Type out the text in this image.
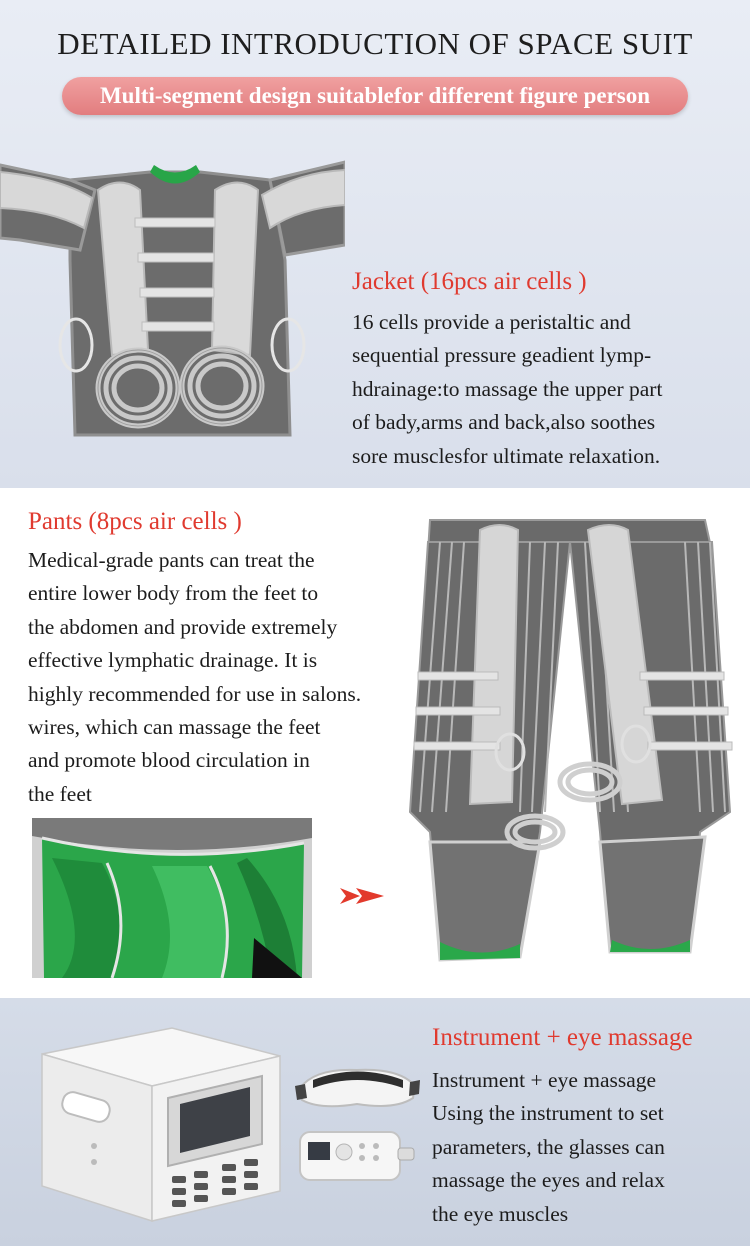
DETAILED INTRODUCTION OF SPACE SUIT
Multi-segment design suitablefor different figure person
Jacket (16pcs air cells )
16 cells provide a peristaltic and
sequential pressure geadient lymp-
hdrainage:to massage the upper part
of bady,arms and back,also soothes
sore musclesfor ultimate relaxation.
Pants (8pcs air cells )
Medical-grade pants can treat the
entire lower body from the feet to
the abdomen and provide extremely
effective lymphatic drainage. It is
highly recommended for use in salons.
wires, which can massage the feet
and promote blood circulation in
the feet
Instrument + eye massage
Instrument + eye massage
Using the instrument to set
parameters, the glasses can
massage the eyes and relax
the eye muscles
